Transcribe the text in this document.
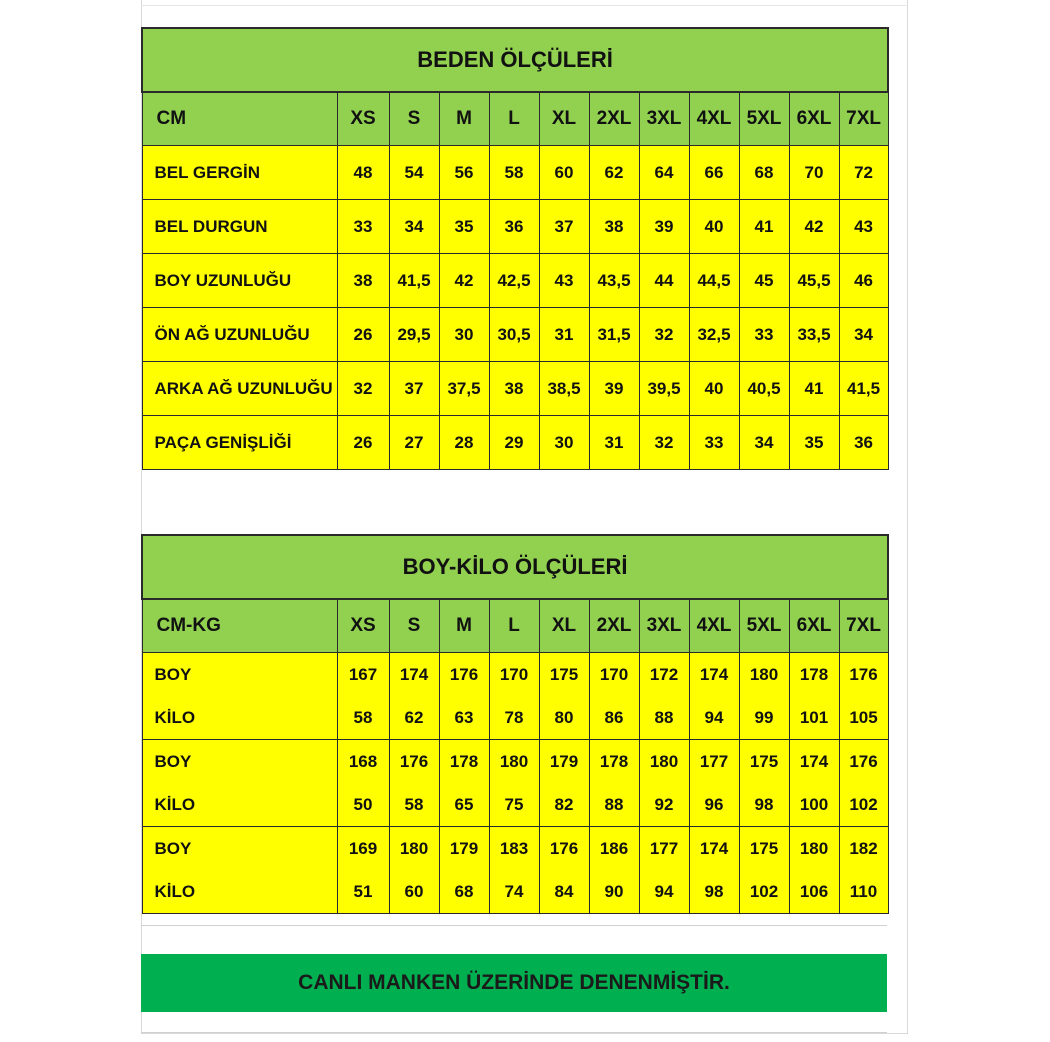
BEDEN ÖLÇÜLERİ											
CM	XS	S	M	L	XL	2XL	3XL	4XL	5XL	6XL	7XL
BEL GERGİN	48	54	56	58	60	62	64	66	68	70	72
BEL DURGUN	33	34	35	36	37	38	39	40	41	42	43
BOY UZUNLUĞU	38	41,5	42	42,5	43	43,5	44	44,5	45	45,5	46
ÖN AĞ UZUNLUĞU	26	29,5	30	30,5	31	31,5	32	32,5	33	33,5	34
ARKA AĞ UZUNLUĞU	32	37	37,5	38	38,5	39	39,5	40	40,5	41	41,5
PAÇA GENİŞLİĞİ	26	27	28	29	30	31	32	33	34	35	36
BOY-KİLO ÖLÇÜLERİ											
CM-KG	XS	S	M	L	XL	2XL	3XL	4XL	5XL	6XL	7XL
BOY	167	174	176	170	175	170	172	174	180	178	176
KİLO	58	62	63	78	80	86	88	94	99	101	105
BOY	168	176	178	180	179	178	180	177	175	174	176
KİLO	50	58	65	75	82	88	92	96	98	100	102
BOY	169	180	179	183	176	186	177	174	175	180	182
KİLO	51	60	68	74	84	90	94	98	102	106	110
CANLI MANKEN ÜZERİNDE DENENMİŞTİR.
